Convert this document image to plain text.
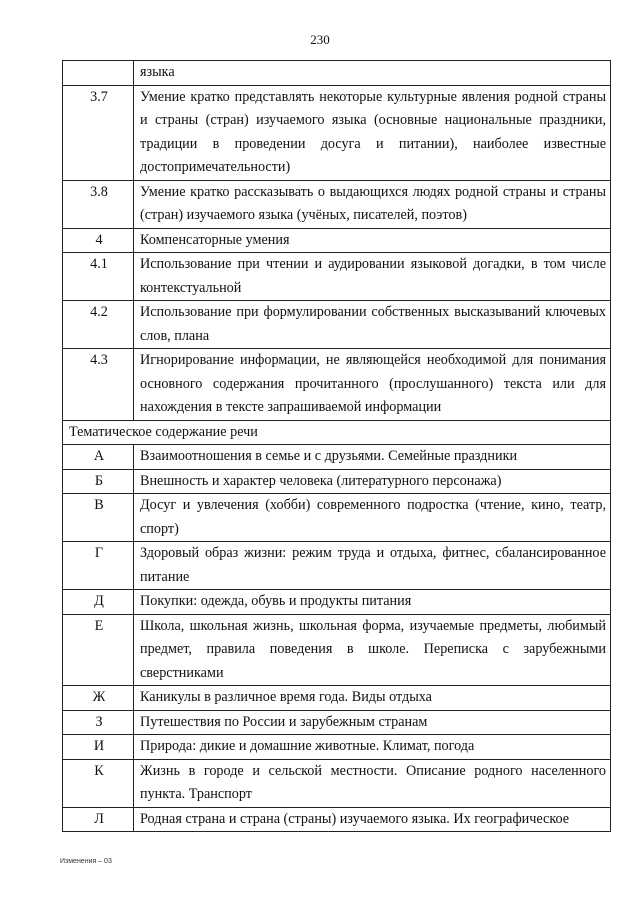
230
	языка
3.7	Умение кратко представлять некоторые культурные явления родной страны и страны (стран) изучаемого языка (основные национальные праздники, традиции в проведении досуга и питании), наиболее известные достопримечательности)
3.8	Умение кратко рассказывать о выдающихся людях родной страны и страны (стран) изучаемого языка (учёных, писателей, поэтов)
4	Компенсаторные умения
4.1	Использование при чтении и аудировании языковой догадки, в том числе контекстуальной
4.2	Использование при формулировании собственных высказываний ключевых слов, плана
4.3	Игнорирование информации, не являющейся необходимой для понимания основного содержания прочитанного (прослушанного) текста или для нахождения в тексте запрашиваемой информации
Тематическое содержание речи	
А	Взаимоотношения в семье и с друзьями. Семейные праздники
Б	Внешность и характер человека (литературного персонажа)
В	Досуг и увлечения (хобби) современного подростка (чтение, кино, театр, спорт)
Г	Здоровый образ жизни: режим труда и отдыха, фитнес, сбалансированное питание
Д	Покупки: одежда, обувь и продукты питания
Е	Школа, школьная жизнь, школьная форма, изучаемые предметы, любимый предмет, правила поведения в школе. Переписка с зарубежными сверстниками
Ж	Каникулы в различное время года. Виды отдыха
З	Путешествия по России и зарубежным странам
И	Природа: дикие и домашние животные. Климат, погода
К	Жизнь в городе и сельской местности. Описание родного населенного пункта. Транспорт
Л	Родная страна и страна (страны) изучаемого языка. Их географическое
Изменения – 03
